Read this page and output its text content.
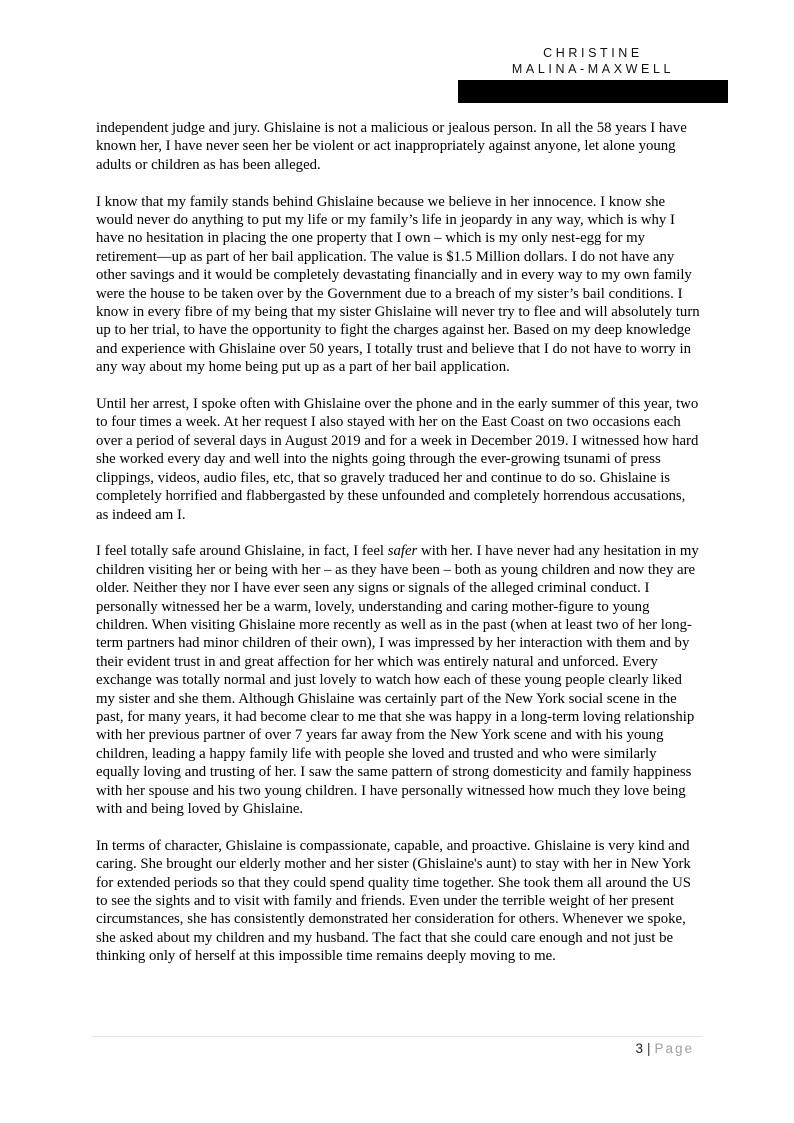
CHRISTINE
MALINA-MAXWELL

independent judge and jury. Ghislaine is not a malicious or jealous person. In all the 58 years I have known her, I have never seen her be violent or act inappropriately against anyone, let alone young adults or children as has been alleged.

I know that my family stands behind Ghislaine because we believe in her innocence. I know she would never do anything to put my life or my family’s life in jeopardy in any way, which is why I have no hesitation in placing the one property that I own – which is my only nest-egg for my retirement—up as part of her bail application. The value is $1.5 Million dollars. I do not have any other savings and it would be completely devastating financially and in every way to my own family were the house to be taken over by the Government due to a breach of my sister’s bail conditions. I know in every fibre of my being that my sister Ghislaine will never try to flee and will absolutely turn up to her trial, to have the opportunity to fight the charges against her. Based on my deep knowledge and experience with Ghislaine over 50 years, I totally trust and believe that I do not have to worry in any way about my home being put up as a part of her bail application.

Until her arrest, I spoke often with Ghislaine over the phone and in the early summer of this year, two to four times a week. At her request I also stayed with her on the East Coast on two occasions each over a period of several days in August 2019 and for a week in December 2019. I witnessed how hard she worked every day and well into the nights going through the ever-growing tsunami of press clippings, videos, audio files, etc, that so gravely traduced her and continue to do so. Ghislaine is completely horrified and flabbergasted by these unfounded and completely horrendous accusations, as indeed am I.

I feel totally safe around Ghislaine, in fact, I feel safer with her. I have never had any hesitation in my children visiting her or being with her – as they have been – both as young children and now they are older. Neither they nor I have ever seen any signs or signals of the alleged criminal conduct. I personally witnessed her be a warm, lovely, understanding and caring mother-figure to young children. When visiting Ghislaine more recently as well as in the past (when at least two of her long-term partners had minor children of their own), I was impressed by her interaction with them and by their evident trust in and great affection for her which was entirely natural and unforced. Every exchange was totally normal and just lovely to watch how each of these young people clearly liked my sister and she them. Although Ghislaine was certainly part of the New York social scene in the past, for many years, it had become clear to me that she was happy in a long-term loving relationship with her previous partner of over 7 years far away from the New York scene and with his young children, leading a happy family life with people she loved and trusted and who were similarly equally loving and trusting of her. I saw the same pattern of strong domesticity and family happiness with her spouse and his two young children. I have personally witnessed how much they love being with and being loved by Ghislaine.

In terms of character, Ghislaine is compassionate, capable, and proactive. Ghislaine is very kind and caring. She brought our elderly mother and her sister (Ghislaine's aunt) to stay with her in New York for extended periods so that they could spend quality time together. She took them all around the US to see the sights and to visit with family and friends. Even under the terrible weight of her present circumstances, she has consistently demonstrated her consideration for others. Whenever we spoke, she asked about my children and my husband. The fact that she could care enough and not just be thinking only of herself at this impossible time remains deeply moving to me.

3 | Page
